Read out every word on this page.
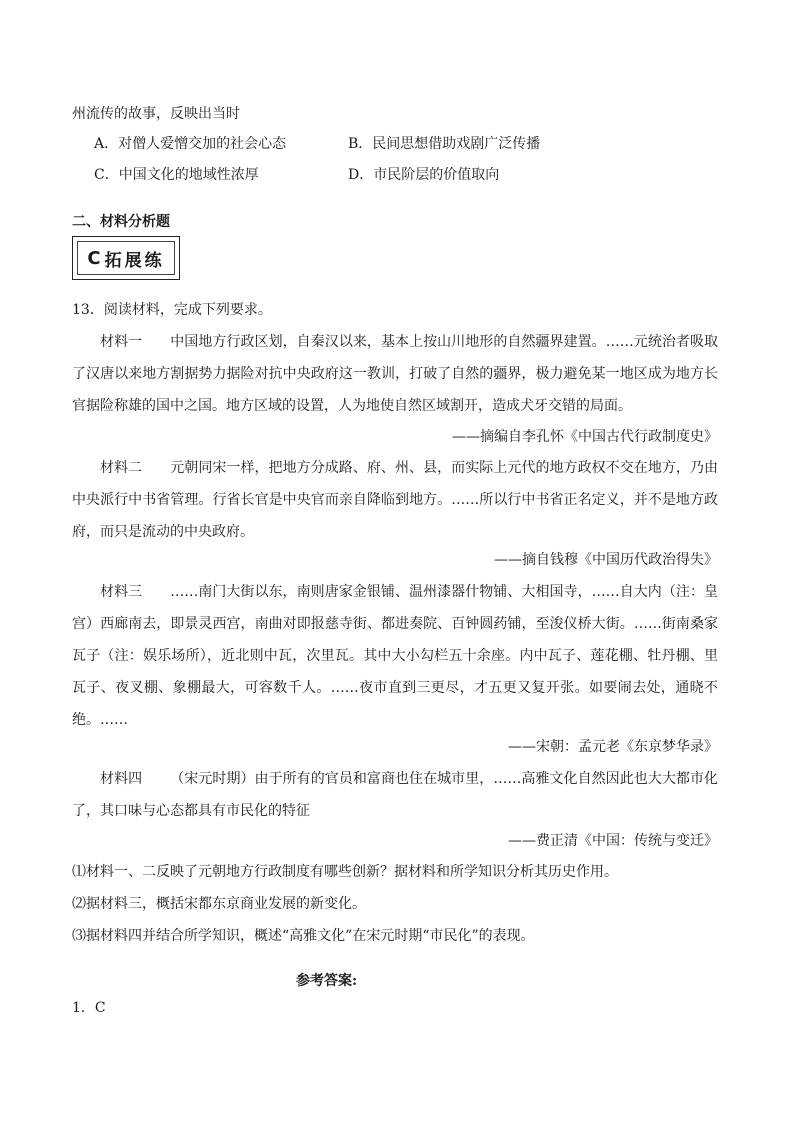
州流传的故事，反映出当时
A．对僧人爱憎交加的社会心态	B．民间思想借助戏剧广泛传播
C．中国文化的地域性浓厚	D．市民阶层的价值取向
二、材料分析题
C 拓展练
13．阅读材料，完成下列要求。
材料一   中国地方行政区划，自秦汉以来，基本上按山川地形的自然疆界建置。……元统治者吸取了汉唐以来地方割据势力据险对抗中央政府这一教训，打破了自然的疆界，极力避免某一地区成为地方长官据险称雄的国中之国。地方区域的设置，人为地使自然区域割开，造成犬牙交错的局面。
——摘编自李孔怀《中国古代行政制度史》
材料二   元朝同宋一样，把地方分成路、府、州、县，而实际上元代的地方政权不交在地方，乃由中央派行中书省管理。行省长官是中央官而亲自降临到地方。……所以行中书省正名定义，并不是地方政府，而只是流动的中央政府。
——摘自钱穆《中国历代政治得失》
材料三   ……南门大街以东，南则唐家金银铺、温州漆器什物铺、大相国寺，……自大内（注：皇宫）西廊南去，即景灵西宫，南曲对即报慈寺街、都进奏院、百钟圆药铺，至浚仪桥大街。……街南桑家瓦子（注：娱乐场所），近北则中瓦，次里瓦。其中大小勾栏五十余座。内中瓦子、莲花棚、牡丹棚、里瓦子、夜叉棚、象棚最大，可容数千人。……夜市直到三更尽，才五更又复开张。如要闹去处，通晓不绝。……
——宋朝：孟元老《东京梦华录》
材料四   （宋元时期）由于所有的官员和富商也住在城市里，……高雅文化自然因此也大大都市化了，其口味与心态都具有市民化的特征
——费正清《中国：传统与变迁》
⑴材料一、二反映了元朝地方行政制度有哪些创新？据材料和所学知识分析其历史作用。
⑵据材料三，概括宋都东京商业发展的新变化。
⑶据材料四并结合所学知识，概述“高雅文化”在宋元时期“市民化”的表现。
参考答案:
1．C
